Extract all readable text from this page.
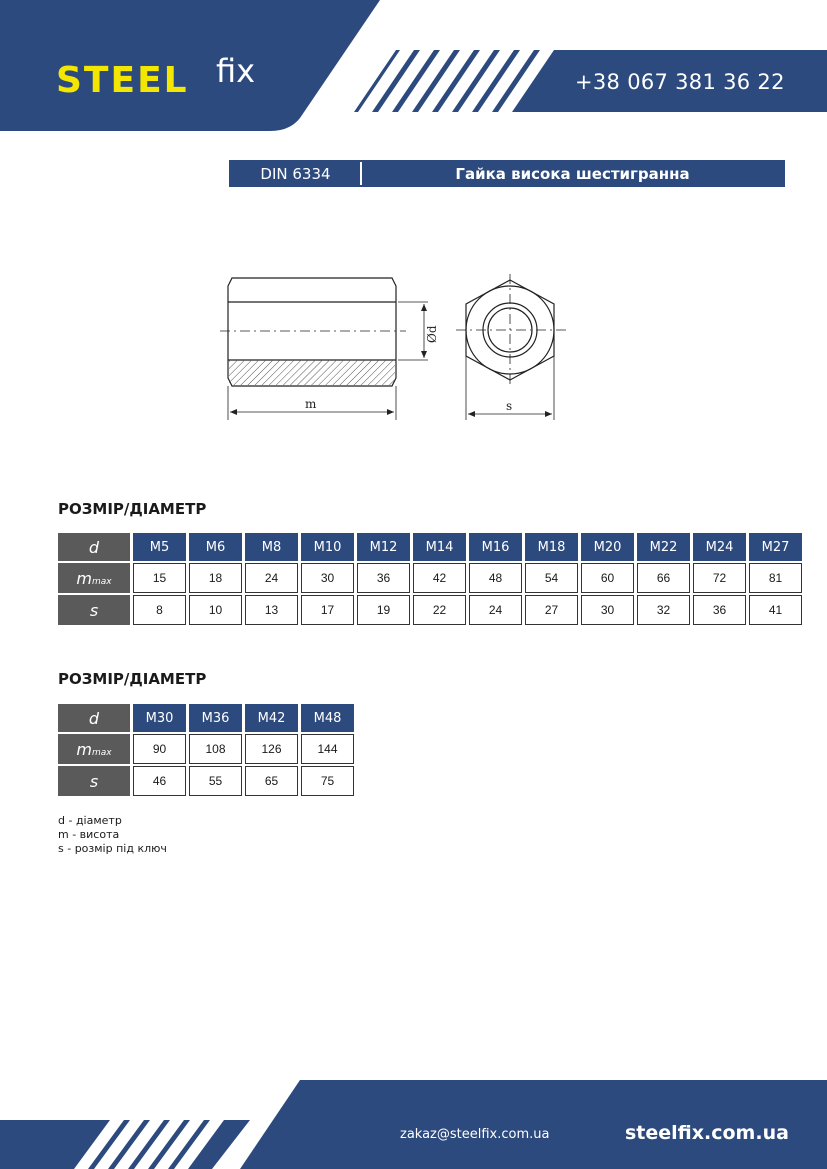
STEEL fix	+38 067 381 36 22
DIN 6334	Гайка висока шестигранна
m
Ød
s
РОЗМІР/ДІАМЕТР
d	M5	M6	M8	M10	M12	M14	M16	M18	M20	M22	M24	M27
mmax	15	18	24	30	36	42	48	54	60	66	72	81
s	8	10	13	17	19	22	24	27	30	32	36	41
РОЗМІР/ДІАМЕТР
d	M30	M36	M42	M48
mmax	90	108	126	144
s	46	55	65	75
d - діаметр
m - висота
s - розмір під ключ
zakaz@steelfix.com.ua	steelfix.com.ua
